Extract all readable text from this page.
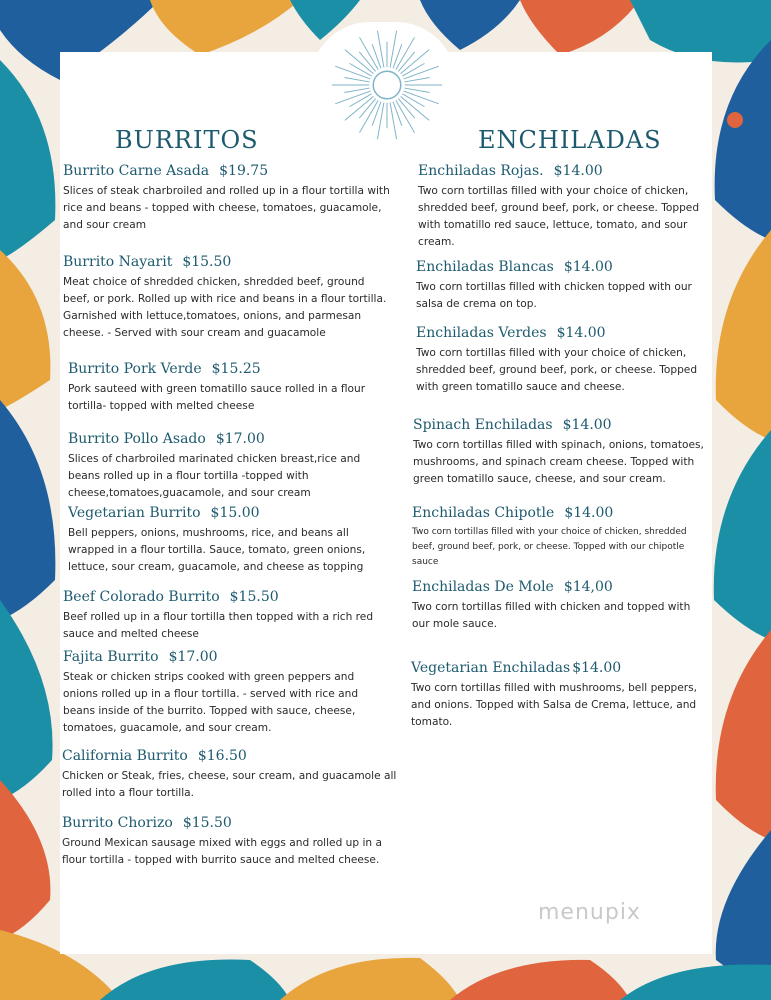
BURRITOS	ENCHILADAS
Burrito Carne Asada $19.75
Slices of steak charbroiled and rolled up in a flour tortilla with rice and beans - topped with cheese, tomatoes, guacamole, and sour cream
Burrito Nayarit $15.50
Meat choice of shredded chicken, shredded beef, ground beef, or pork. Rolled up with rice and beans in a flour tortilla. Garnished with lettuce,tomatoes, onions, and parmesan cheese. - Served with sour cream and guacamole
Burrito Pork Verde $15.25
Pork sauteed with green tomatillo sauce rolled in a flour tortilla- topped with melted cheese
Burrito Pollo Asado $17.00
Slices of charbroiled marinated chicken breast,rice and beans rolled up in a flour tortilla -topped with cheese,tomatoes,guacamole, and sour cream
Vegetarian Burrito $15.00
Bell peppers, onions, mushrooms, rice, and beans all wrapped in a flour tortilla. Sauce, tomato, green onions, lettuce, sour cream, guacamole, and cheese as topping
Beef Colorado Burrito $15.50
Beef rolled up in a flour tortilla then topped with a rich red sauce and melted cheese
Fajita Burrito $17.00
Steak or chicken strips cooked with green peppers and onions rolled up in a flour tortilla. - served with rice and beans inside of the burrito. Topped with sauce, cheese, tomatoes, guacamole, and sour cream.
California Burrito $16.50
Chicken or Steak, fries, cheese, sour cream, and guacamole all rolled into a flour tortilla.
Burrito Chorizo $15.50
Ground Mexican sausage mixed with eggs and rolled up in a flour tortilla - topped with burrito sauce and melted cheese.
Enchiladas Rojas. $14.00
Two corn tortillas filled with your choice of chicken, shredded beef, ground beef, pork, or cheese. Topped with tomatillo red sauce, lettuce, tomato, and sour cream.
Enchiladas Blancas $14.00
Two corn tortillas filled with chicken topped with our salsa de crema on top.
Enchiladas Verdes $14.00
Two corn tortillas filled with your choice of chicken, shredded beef, ground beef, pork, or cheese. Topped with green tomatillo sauce and cheese.
Spinach Enchiladas $14.00
Two corn tortillas filled with spinach, onions, tomatoes, mushrooms, and spinach cream cheese. Topped with green tomatillo sauce, cheese, and sour cream.
Enchiladas Chipotle $14.00
Two corn tortillas filled with your choice of chicken, shredded beef, ground beef, pork, or cheese. Topped with our chipotle sauce
Enchiladas De Mole $14,00
Two corn tortillas filled with chicken and topped with our mole sauce.
Vegetarian Enchiladas $14.00
Two corn tortillas filled with mushrooms, bell peppers, and onions. Topped with Salsa de Crema, lettuce, and tomato.
menupix
